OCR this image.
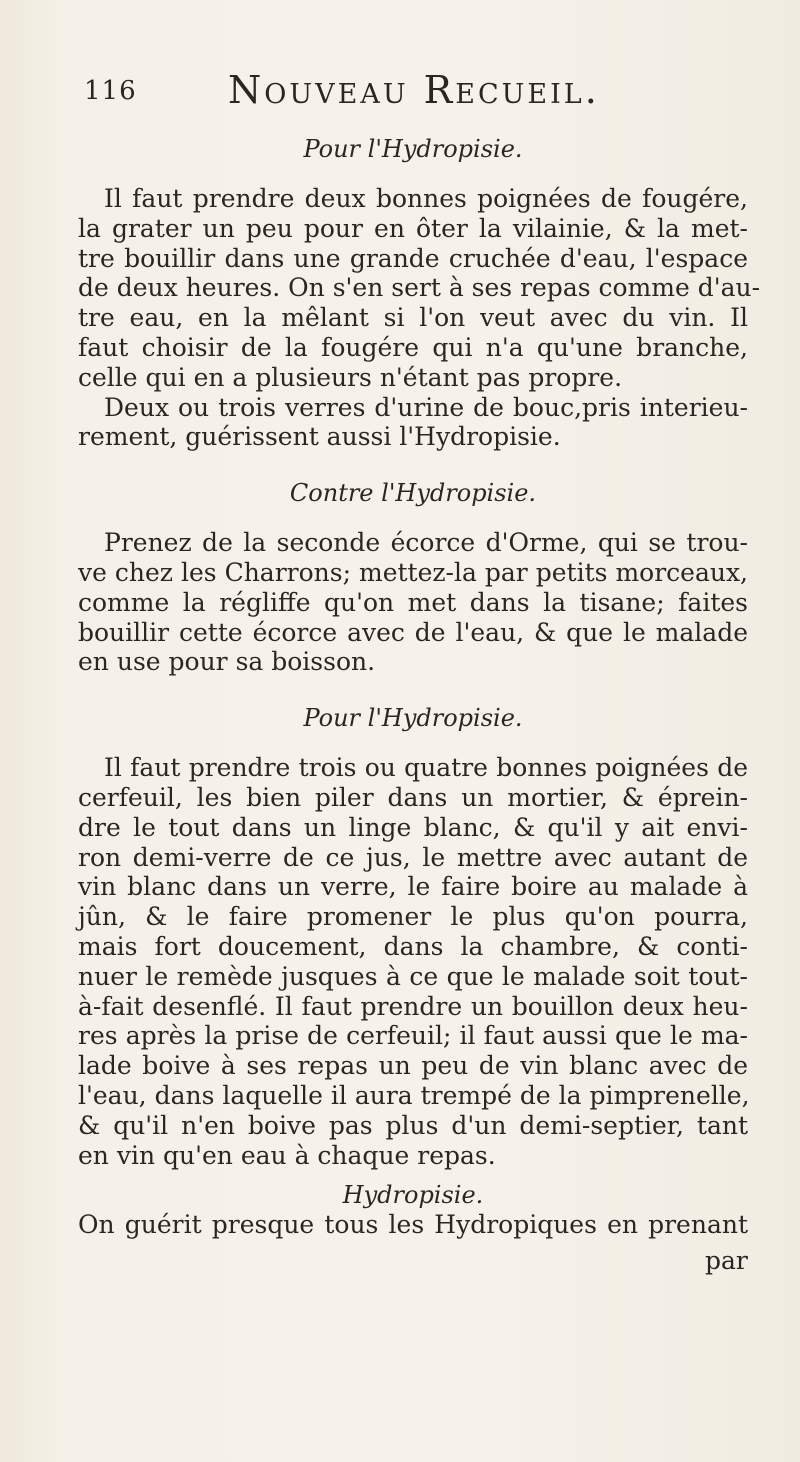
116 Nouveau Recueil.
Pour l'Hydropisie.
Il faut prendre deux bonnes poignées de fougére,
la grater un peu pour en ôter la vilainie, & la met-
tre bouillir dans une grande cruchée d'eau, l'espace
de deux heures. On s'en sert à ses repas comme d'au-
tre eau, en la mêlant si l'on veut avec du vin. Il
faut choisir de la fougére qui n'a qu'une branche,
celle qui en a plusieurs n'étant pas propre.
Deux ou trois verres d'urine de bouc,pris interieu-
rement, guérissent aussi l'Hydropisie.
Contre l'Hydropisie.
Prenez de la seconde écorce d'Orme, qui se trou-
ve chez les Charrons; mettez-la par petits morceaux,
comme la régliffe qu'on met dans la tisane; faites
bouillir cette écorce avec de l'eau, & que le malade
en use pour sa boisson.
Pour l'Hydropisie.
Il faut prendre trois ou quatre bonnes poignées de
cerfeuil, les bien piler dans un mortier, & éprein-
dre le tout dans un linge blanc, & qu'il y ait envi-
ron demi-verre de ce jus, le mettre avec autant de
vin blanc dans un verre, le faire boire au malade à
jûn, & le faire promener le plus qu'on pourra,
mais fort doucement, dans la chambre, & conti-
nuer le remède jusques à ce que le malade soit tout-
à-fait desenflé. Il faut prendre un bouillon deux heu-
res après la prise de cerfeuil; il faut aussi que le ma-
lade boive à ses repas un peu de vin blanc avec de
l'eau, dans laquelle il aura trempé de la pimprenelle,
& qu'il n'en boive pas plus d'un demi-septier, tant
en vin qu'en eau à chaque repas.
Hydropisie.
On guérit presque tous les Hydropiques en prenant
par
